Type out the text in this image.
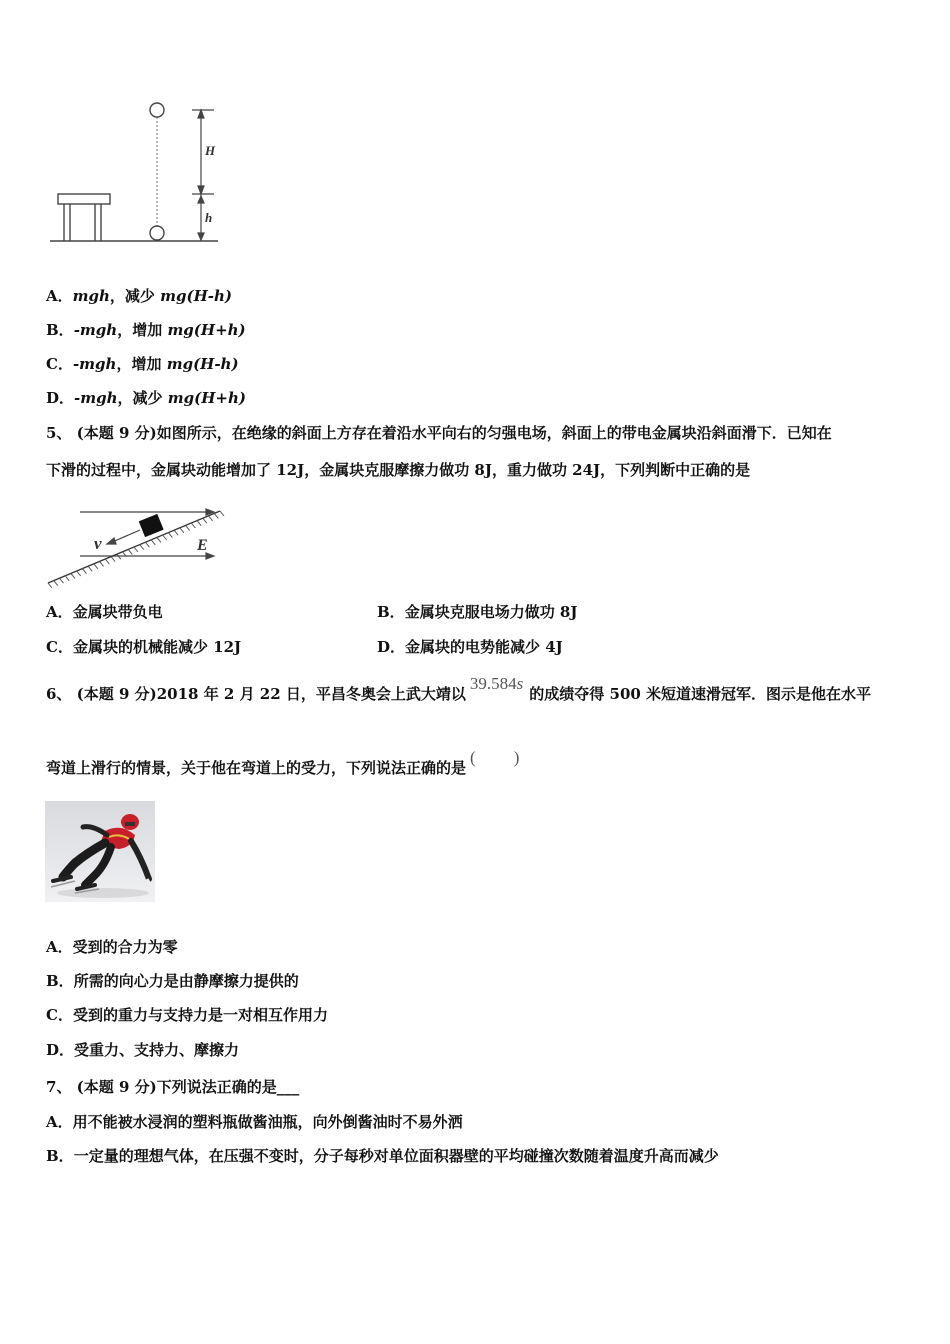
H
h
A．mgh，减少 mg(H-h)
B．-mgh，增加 mg(H+h)
C．-mgh，增加 mg(H-h)
D．-mgh，减少 mg(H+h)
5、 (本题 9 分)如图所示，在绝缘的斜面上方存在着沿水平向右的匀强电场，斜面上的带电金属块沿斜面滑下．已知在
下滑的过程中，金属块动能增加了 12J，金属块克服摩擦力做功 8J，重力做功 24J，下列判断中正确的是
v	E
A．金属块带负电	B．金属块克服电场力做功 8J
C．金属块的机械能减少 12J	D．金属块的电势能减少 4J
6、 (本题 9 分)2018 年 2 月 22 日，平昌冬奥会上武大靖以39.584s的成绩夺得 500 米短道速滑冠军．图示是他在水平
弯道上滑行的情景，关于他在弯道上的受力，下列说法正确的是( )
A．受到的合力为零
B．所需的向心力是由静摩擦力提供的
C．受到的重力与支持力是一对相互作用力
D．受重力、支持力、摩擦力
7、 (本题 9 分)下列说法正确的是___
A．用不能被水浸润的塑料瓶做酱油瓶，向外倒酱油时不易外洒
B．一定量的理想气体，在压强不变时，分子每秒对单位面积器壁的平均碰撞次数随着温度升高而减少
